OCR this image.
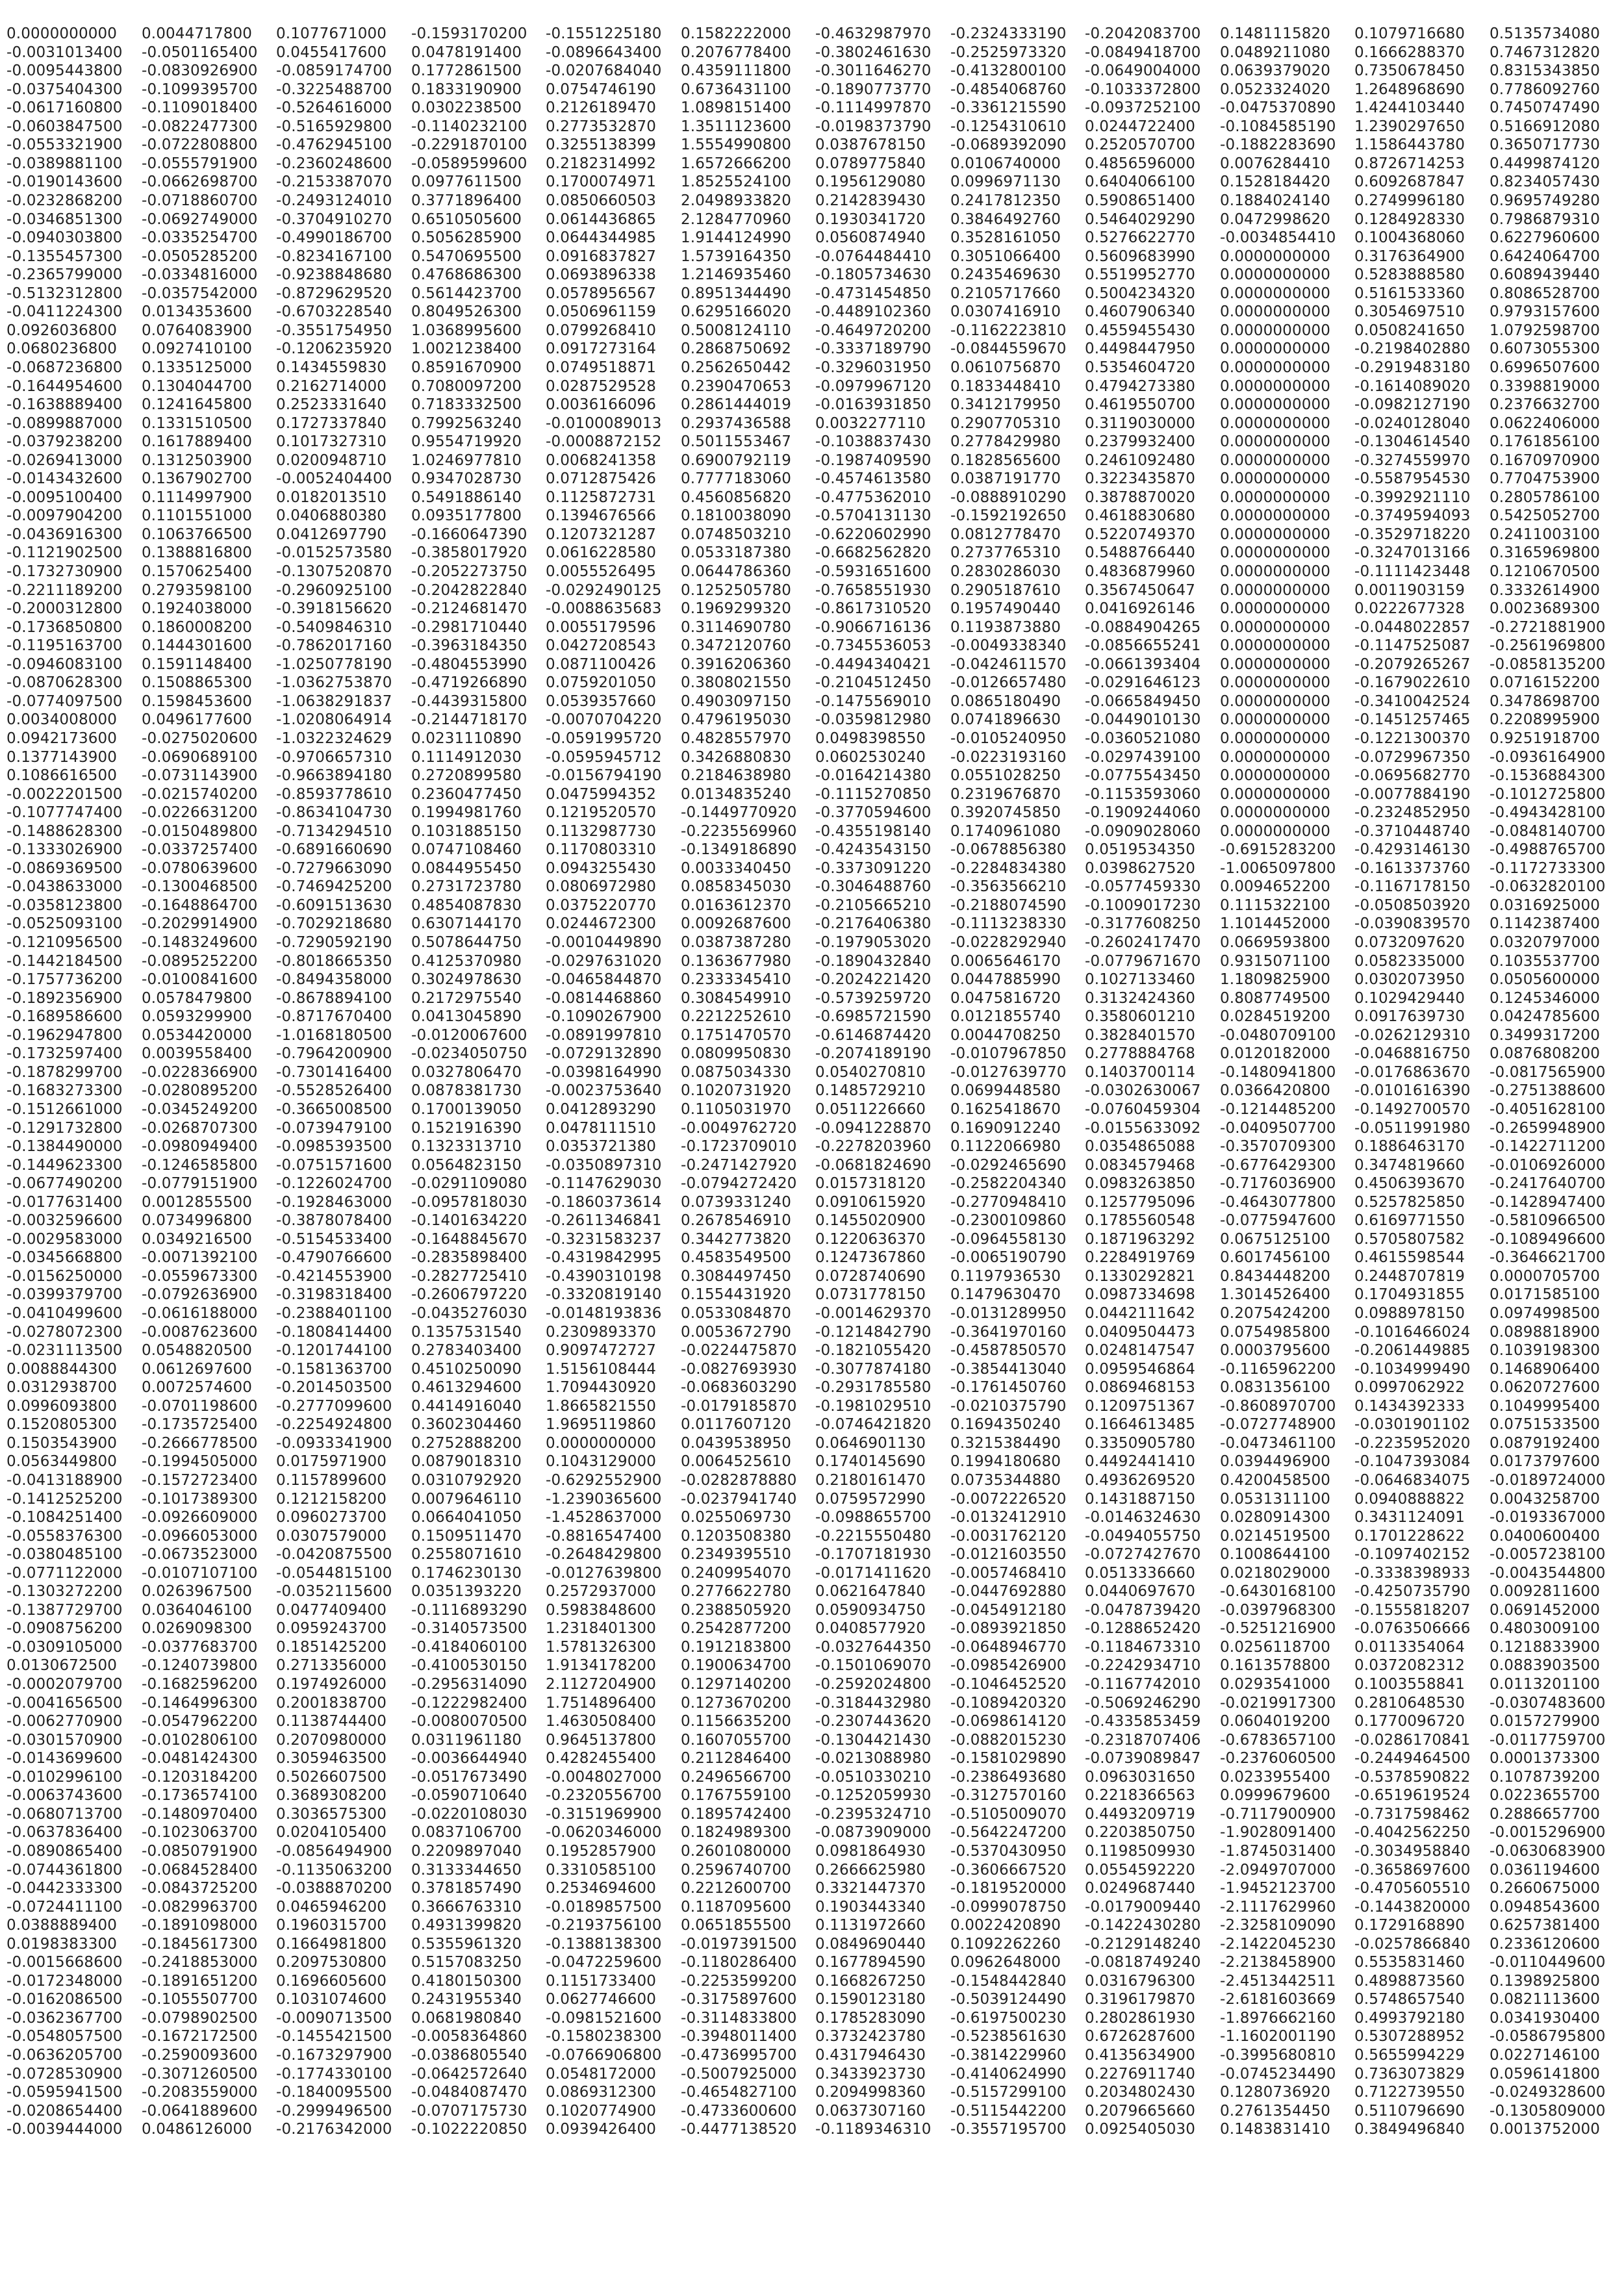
0.0000000000 0.0044717800 0.1077671000 -0.1593170200 -0.1551225180 0.1582222000 -0.4632987970 -0.2324333190 -0.2042083700 0.1481115820 0.1079716680 0.5135734080
-0.0031013400 -0.0501165400 0.0455417600 0.0478191400 -0.0896643400 0.2076778400 -0.3802461630 -0.2525973320 -0.0849418700 0.0489211080 0.1666288370 0.7467312820
-0.0095443800 -0.0830926900 -0.0859174700 0.1772861500 -0.0207684040 0.4359111800 -0.3011646270 -0.4132800100 -0.0649004000 0.0639379020 0.7350678450 0.8315343850
-0.0375404300 -0.1099395700 -0.3225488700 0.1833190900 0.0754746190 0.6736431100 -0.1890773770 -0.4854068760 -0.1033372800 0.0523324020 1.2648968690 0.7786092760
-0.0617160800 -0.1109018400 -0.5264616000 0.0302238500 0.2126189470 1.0898151400 -0.1114997870 -0.3361215590 -0.0937252100 -0.0475370890 1.4244103440 0.7450747490
-0.0603847500 -0.0822477300 -0.5165929800 -0.1140232100 0.2773532870 1.3511123600 -0.0198373790 -0.1254310610 0.0244722400 -0.1084585190 1.2390297650 0.5166912080
-0.0553321900 -0.0722808800 -0.4762945100 -0.2291870100 0.3255138399 1.5554990800 0.0387678150 -0.0689392090 0.2520570700 -0.1882283690 1.1586443780 0.3650717730
-0.0389881100 -0.0555791900 -0.2360248600 -0.0589599600 0.2182314992 1.6572666200 0.0789775840 0.0106740000 0.4856596000 0.0076284410 0.8726714253 0.4499874120
-0.0190143600 -0.0662698700 -0.2153387070 0.0977611500 0.1700074971 1.8525524100 0.1956129080 0.0996971130 0.6404066100 0.1528184420 0.6092687847 0.8234057430
-0.0232868200 -0.0718860700 -0.2493124010 0.3771896400 0.0850660503 2.0498933820 0.2142839430 0.2417812350 0.5908651400 0.1884024140 0.2749996180 0.9695749280
-0.0346851300 -0.0692749000 -0.3704910270 0.6510505600 0.0614436865 2.1284770960 0.1930341720 0.3846492760 0.5464029290 0.0472998620 0.1284928330 0.7986879310
-0.0940303800 -0.0335254700 -0.4990186700 0.5056285900 0.0644344985 1.9144124990 0.0560874940 0.3528161050 0.5276622770 -0.0034854410 0.1004368060 0.6227960600
-0.1355457300 -0.0505285200 -0.8234167100 0.5470695500 0.0916837827 1.5739164350 -0.0764484410 0.3051066400 0.5609683990 0.0000000000 0.3176364900 0.6424064700
-0.2365799000 -0.0334816000 -0.9238848680 0.4768686300 0.0693896338 1.2146935460 -0.1805734630 0.2435469630 0.5519952770 0.0000000000 0.5283888580 0.6089439440
-0.5132312800 -0.0357542000 -0.8729629520 0.5614423700 0.0578956567 0.8951344490 -0.4731454850 0.2105717660 0.5004234320 0.0000000000 0.5161533360 0.8086528700
-0.0411224300 0.0134353600 -0.6703228540 0.8049526300 0.0506961159 0.6295166020 -0.4489102360 0.0307416910 0.4607906340 0.0000000000 0.3054697510 0.9793157600
0.0926036800 0.0764083900 -0.3551754950 1.0368995600 0.0799268410 0.5008124110 -0.4649720200 -0.1162223810 0.4559455430 0.0000000000 0.0508241650 1.0792598700
0.0680236800 0.0927410100 -0.1206235920 1.0021238400 0.0917273164 0.2868750692 -0.3337189790 -0.0844559670 0.4498447950 0.0000000000 -0.2198402880 0.6073055300
-0.0687236800 0.1335125000 0.1434559830 0.8591670900 0.0749518871 0.2562650442 -0.3296031950 0.0610756870 0.5354604720 0.0000000000 -0.2919483180 0.6996507600
-0.1644954600 0.1304044700 0.2162714000 0.7080097200 0.0287529528 0.2390470653 -0.0979967120 0.1833448410 0.4794273380 0.0000000000 -0.1614089020 0.3398819000
-0.1638889400 0.1241645800 0.2523331640 0.7183332500 0.0036166096 0.2861444019 -0.0163931850 0.3412179950 0.4619550700 0.0000000000 -0.0982127190 0.2376632700
-0.0899887000 0.1331510500 0.1727337840 0.7992563240 -0.0100089013 0.2937436588 0.0032277110 0.2907705310 0.3119030000 0.0000000000 -0.0240128040 0.0622406000
-0.0379238200 0.1617889400 0.1017327310 0.9554719920 -0.0008872152 0.5011553467 -0.1038837430 0.2778429980 0.2379932400 0.0000000000 -0.1304614540 0.1761856100
-0.0269413000 0.1312503900 0.0200948710 1.0246977810 0.0068241358 0.6900792119 -0.1987409590 0.1828565600 0.2461092480 0.0000000000 -0.3274559970 0.1670970900
-0.0143432600 0.1367902700 -0.0052404400 0.9347028730 0.0712875426 0.7777183060 -0.4574613580 0.0387191770 0.3223435870 0.0000000000 -0.5587954530 0.7704753900
-0.0095100400 0.1114997900 0.0182013510 0.5491886140 0.1125872731 0.4560856820 -0.4775362010 -0.0888910290 0.3878870020 0.0000000000 -0.3992921110 0.2805786100
-0.0097904200 0.1101551000 0.0406880380 0.0935177800 0.1394676566 0.1810038090 -0.5704131130 -0.1592192650 0.4618830680 0.0000000000 -0.3749594093 0.5425052700
-0.0436916300 0.1063766500 0.0412697790 -0.1660647390 0.1207321287 0.0748503210 -0.6220602990 0.0812778470 0.5220749370 0.0000000000 -0.3529718220 0.2411003100
-0.1121902500 0.1388816800 -0.0152573580 -0.3858017920 0.0616228580 0.0533187380 -0.6682562820 0.2737765310 0.5488766440 0.0000000000 -0.3247013166 0.3165969800
-0.1732730900 0.1570625400 -0.1307520870 -0.2052273750 0.0055526495 0.0644786360 -0.5931651600 0.2830286030 0.4836879960 0.0000000000 -0.1111423448 0.1210670500
-0.2211189200 0.2793598100 -0.2960925100 -0.2042822840 -0.0292490125 0.1252505780 -0.7658551930 0.2905187610 0.3567450647 0.0000000000 0.0011903159 0.3332614900
-0.2000312800 0.1924038000 -0.3918156620 -0.2124681470 -0.0088635683 0.1969299320 -0.8617310520 0.1957490440 0.0416926146 0.0000000000 0.0222677328 0.0023689300
-0.1736850800 0.1860008200 -0.5409846310 -0.2981710440 0.0055179596 0.3114690780 -0.9066716136 0.1193873880 -0.0884904265 0.0000000000 -0.0448022857 -0.2721881900
-0.1195163700 0.1444301600 -0.7862017160 -0.3963184350 0.0427208543 0.3472120760 -0.7345536053 -0.0049338340 -0.0856655241 0.0000000000 -0.1147525087 -0.2561969800
-0.0946083100 0.1591148400 -1.0250778190 -0.4804553990 0.0871100426 0.3916206360 -0.4494340421 -0.0424611570 -0.0661393404 0.0000000000 -0.2079265267 -0.0858135200
-0.0870628300 0.1508865300 -1.0362753870 -0.4719266890 0.0759201050 0.3808021550 -0.2104512450 -0.0126657480 -0.0291646123 0.0000000000 -0.1679022610 0.0716152200
-0.0774097500 0.1598453600 -1.0638291837 -0.4439315800 0.0539357660 0.4903097150 -0.1475569010 0.0865180490 -0.0665849450 0.0000000000 -0.3410042524 0.3478698700
0.0034008000 0.0496177600 -1.0208064914 -0.2144718170 -0.0070704220 0.4796195030 -0.0359812980 0.0741896630 -0.0449010130 0.0000000000 -0.1451257465 0.2208995900
0.0942173600 -0.0275020600 -1.0322324629 0.0231110890 -0.0591995720 0.4828557970 0.0498398550 -0.0105240950 -0.0360521080 0.0000000000 -0.1221300370 0.9251918700
0.1377143900 -0.0690689100 -0.9706657310 0.1114912030 -0.0595945712 0.3426880830 0.0602530240 -0.0223193160 -0.0297439100 0.0000000000 -0.0729967350 -0.0936164900
0.1086616500 -0.0731143900 -0.9663894180 0.2720899580 -0.0156794190 0.2184638980 -0.0164214380 0.0551028250 -0.0775543450 0.0000000000 -0.0695682770 -0.1536884300
-0.0022201500 -0.0215740200 -0.8593778610 0.2360477450 0.0475994352 0.0134835240 -0.1115270850 0.2319676870 -0.1153593060 0.0000000000 -0.0077884190 -0.1012725800
-0.1077747400 -0.0226631200 -0.8634104730 0.1994981760 0.1219520570 -0.1449770920 -0.3770594600 0.3920745850 -0.1909244060 0.0000000000 -0.2324852950 -0.4943428100
-0.1488628300 -0.0150489800 -0.7134294510 0.1031885150 0.1132987730 -0.2235569960 -0.4355198140 0.1740961080 -0.0909028060 0.0000000000 -0.3710448740 -0.0848140700
-0.1333026900 -0.0337257400 -0.6891660690 0.0747108460 0.1170803310 -0.1349186890 -0.4243543150 -0.0678856380 0.0519534350 -0.6915283200 -0.4293146130 -0.4988765700
-0.0869369500 -0.0780639600 -0.7279663090 0.0844955450 0.0943255430 0.0033340450 -0.3373091220 -0.2284834380 0.0398627520 -1.0065097800 -0.1613373760 -0.1172733300
-0.0438633000 -0.1300468500 -0.7469425200 0.2731723780 0.0806972980 0.0858345030 -0.3046488760 -0.3563566210 -0.0577459330 0.0094652200 -0.1167178150 -0.0632820100
-0.0358123800 -0.1648864700 -0.6091513630 0.4854087830 0.0375220770 0.0163612370 -0.2105665210 -0.2188074590 -0.1009017230 0.1115322100 -0.0508503920 0.0316925000
-0.0525093100 -0.2029914900 -0.7029218680 0.6307144170 0.0244672300 0.0092687600 -0.2176406380 -0.1113238330 -0.3177608250 1.1014452000 -0.0390839570 0.1142387400
-0.1210956500 -0.1483249600 -0.7290592190 0.5078644750 -0.0010449890 0.0387387280 -0.1979053020 -0.0228292940 -0.2602417470 0.0669593800 0.0732097620 0.0320797000
-0.1442184500 -0.0895252200 -0.8018665350 0.4125370980 -0.0297631020 0.1363677980 -0.1890432840 0.0065646170 -0.0779671670 0.9315071100 0.0582335000 0.1035537700
-0.1757736200 -0.0100841600 -0.8494358000 0.3024978630 -0.0465844870 0.2333345410 -0.2024221420 0.0447885990 0.1027133460 1.1809825900 0.0302073950 0.0505600000
-0.1892356900 0.0578479800 -0.8678894100 0.2172975540 -0.0814468860 0.3084549910 -0.5739259720 0.0475816720 0.3132424360 0.8087749500 0.1029429440 0.1245346000
-0.1689586600 0.0593299900 -0.8717670400 0.0413045890 -0.1090267900 0.2212252610 -0.6985721590 0.0121855740 0.3580601210 0.0284519200 0.0917639730 0.0424785600
-0.1962947800 0.0534420000 -1.0168180500 -0.0120067600 -0.0891997810 0.1751470570 -0.6146874420 0.0044708250 0.3828401570 -0.0480709100 -0.0262129310 0.3499317200
-0.1732597400 0.0039558400 -0.7964200900 -0.0234050750 -0.0729132890 0.0809950830 -0.2074189190 -0.0107967850 0.2778884768 0.0120182000 -0.0468816750 0.0876808200
-0.1878299700 -0.0228366900 -0.7301416400 0.0327806470 -0.0398164990 0.0875034330 0.0540270810 -0.0127639770 0.1403700114 -0.1480941800 -0.0176863670 -0.0817565900
-0.1683273300 -0.0280895200 -0.5528526400 0.0878381730 -0.0023753640 0.1020731920 0.1485729210 0.0699448580 -0.0302630067 0.0366420800 -0.0101616390 -0.2751388600
-0.1512661000 -0.0345249200 -0.3665008500 0.1700139050 0.0412893290 0.1105031970 0.0511226660 0.1625418670 -0.0760459304 -0.1214485200 -0.1492700570 -0.4051628100
-0.1291732800 -0.0268707300 -0.0739479100 0.1521916390 0.0478111510 -0.0049762720 -0.0941228870 0.1690912240 -0.0155633092 -0.0409507700 -0.0511991980 -0.2659948900
-0.1384490000 -0.0980949400 -0.0985393500 0.1323313710 0.0353721380 -0.1723709010 -0.2278203960 0.1122066980 0.0354865088 -0.3570709300 0.1886463170 -0.1422711200
-0.1449623300 -0.1246585800 -0.0751571600 0.0564823150 -0.0350897310 -0.2471427920 -0.0681824690 -0.0292465690 0.0834579468 -0.6776429300 0.3474819660 -0.0106926000
-0.0677490200 -0.0779151900 -0.1226024700 -0.0291109080 -0.1147629030 -0.0794272420 0.0157318120 -0.2582204340 0.0983263850 -0.7176036900 0.4506393670 -0.2417640700
-0.0177631400 0.0012855500 -0.1928463000 -0.0957818030 -0.1860373614 0.0739331240 0.0910615920 -0.2770948410 0.1257795096 -0.4643077800 0.5257825850 -0.1428947400
-0.0032596600 0.0734996800 -0.3878078400 -0.1401634220 -0.2611346841 0.2678546910 0.1455020900 -0.2300109860 0.1785560548 -0.0775947600 0.6169771550 -0.5810966500
-0.0029583000 0.0349216500 -0.5154533400 -0.1648845670 -0.3231583237 0.3442773820 0.1220636370 -0.0964558130 0.1871963292 0.0675125100 0.5705807582 -0.1089496600
-0.0345668800 -0.0071392100 -0.4790766600 -0.2835898400 -0.4319842995 0.4583549500 0.1247367860 -0.0065190790 0.2284919769 0.6017456100 0.4615598544 -0.3646621700
-0.0156250000 -0.0559673300 -0.4214553900 -0.2827725410 -0.4390310198 0.3084497450 0.0728740690 0.1197936530 0.1330292821 0.8434448200 0.2448707819 0.0000705700
-0.0399379700 -0.0792636900 -0.3198318400 -0.2606797220 -0.3320819140 0.1554431920 0.0731778150 0.1479630470 0.0987334698 1.3014526400 0.1704931855 0.0171585100
-0.0410499600 -0.0616188000 -0.2388401100 -0.0435276030 -0.0148193836 0.0533084870 -0.0014629370 -0.0131289950 0.0442111642 0.2075424200 0.0988978150 0.0974998500
-0.0278072300 -0.0087623600 -0.1808414400 0.1357531540 0.2309893370 0.0053672790 -0.1214842790 -0.3641970160 0.0409504473 0.0754985800 -0.1016466024 0.0898818900
-0.0231113500 0.0548820500 -0.1201744100 0.2783403400 0.9097472727 -0.0224475870 -0.1821055420 -0.4587850570 0.0248147547 0.0003795600 -0.2061449885 0.1039198300
0.0088844300 0.0612697600 -0.1581363700 0.4510250090 1.5156108444 -0.0827693930 -0.3077874180 -0.3854413040 0.0959546864 -0.1165962200 -0.1034999490 0.1468906400
0.0312938700 0.0072574600 -0.2014503500 0.4613294600 1.7094430920 -0.0683603290 -0.2931785580 -0.1761450760 0.0869468153 0.0831356100 0.0997062922 0.0620727600
0.0996093800 -0.0701198600 -0.2777099600 0.4414916040 1.8665821550 -0.0179185870 -0.1981029510 -0.0210375790 0.1209751367 -0.8608970700 0.1434392333 0.1049995400
0.1520805300 -0.1735725400 -0.2254924800 0.3602304460 1.9695119860 0.0117607120 -0.0746421820 0.1694350240 0.1664613485 -0.0727748900 -0.0301901102 0.0751533500
0.1503543900 -0.2666778500 -0.0933341900 0.2752888200 0.0000000000 0.0439538950 0.0646901130 0.3215384490 0.3350905780 -0.0473461100 -0.2235952020 0.0879192400
0.0563449800 -0.1994505000 0.0175971900 0.0879018310 0.1043129000 0.0064525610 0.1740145690 0.1994180680 0.4492441410 0.0394496900 -0.1047393084 0.0173797600
-0.0413188900 -0.1572723400 0.1157899600 0.0310792920 -0.6292552900 -0.0282878880 0.2180161470 0.0735344880 0.4936269520 0.4200458500 -0.0646834075 -0.0189724000
-0.1412525200 -0.1017389300 0.1212158200 0.0079646110 -1.2390365600 -0.0237941740 0.0759572990 -0.0072226520 0.1431887150 0.0531311100 0.0940888822 0.0043258700
-0.1084251400 -0.0926609000 0.0960273700 0.0664041050 -1.4528637000 0.0255069730 -0.0988655700 -0.0132412910 -0.0146324630 0.0280914300 0.3431124091 -0.0193367000
-0.0558376300 -0.0966053000 0.0307579000 0.1509511470 -0.8816547400 0.1203508380 -0.2215550480 -0.0031762120 -0.0494055750 0.0214519500 0.1701228622 0.0400600400
-0.0380485100 -0.0673523000 -0.0420875500 0.2558071610 -0.2648429800 0.2349395510 -0.1707181930 -0.0121603550 -0.0727427670 0.1008644100 -0.1097402152 -0.0057238100
-0.0771122000 -0.0107107100 -0.0544815100 0.1746230130 -0.0127639800 0.2409954070 -0.0171411620 -0.0057468410 0.0513336660 0.0218029000 -0.3338398933 -0.0043544800
-0.1303272200 0.0263967500 -0.0352115600 0.0351393220 0.2572937000 0.2776622780 0.0621647840 -0.0447692880 0.0440697670 -0.6430168100 -0.4250735790 0.0092811600
-0.1387729700 0.0364046100 0.0477409400 -0.1116893290 0.5983848600 0.2388505920 0.0590934750 -0.0454912180 -0.0478739420 -0.0397968300 -0.1555818207 0.0691452000
-0.0908756200 0.0269098300 0.0959243700 -0.3140573500 1.2318401300 0.2542877200 0.0408577920 -0.0893921850 -0.1288652420 -0.5251216900 -0.0763506666 0.4803009100
-0.0309105000 -0.0377683700 0.1851425200 -0.4184060100 1.5781326300 0.1912183800 -0.0327644350 -0.0648946770 -0.1184673310 0.0256118700 0.0113354064 0.1218833900
0.0130672500 -0.1240739800 0.2713356000 -0.4100530150 1.9134178200 0.1900634700 -0.1501069070 -0.0985426900 -0.2242934710 0.1613578800 0.0372082312 0.0883903500
-0.0002079700 -0.1682596200 0.1974926000 -0.2956314090 2.1127204900 0.1297140200 -0.2592024800 -0.1046452520 -0.1167742010 0.0293541000 0.1003558841 0.0113201100
-0.0041656500 -0.1464996300 0.2001838700 -0.1222982400 1.7514896400 0.1273670200 -0.3184432980 -0.1089420320 -0.5069246290 -0.0219917300 0.2810648530 -0.0307483600
-0.0062770900 -0.0547962200 0.1138744400 -0.0080070500 1.4630508400 0.1156635200 -0.2307443620 -0.0698614120 -0.4335853459 0.0604019200 0.1770096720 0.0157279900
-0.0301570900 -0.0102806100 0.2070980000 0.0311961180 0.9645137800 0.1607055700 -0.1304421430 -0.0882015230 -0.2318707406 -0.6783657100 -0.0286170841 -0.0117759700
-0.0143699600 -0.0481424300 0.3059463500 -0.0036644940 0.4282455400 0.2112846400 -0.0213088980 -0.1581029890 -0.0739089847 -0.2376060500 -0.2449464500 0.0001373300
-0.0102996100 -0.1203184200 0.5026607500 -0.0517673490 -0.0048027000 0.2496566700 -0.0510330210 -0.2386493680 0.0963031650 0.0233955400 -0.5378590822 0.1078739200
-0.0063743600 -0.1736574100 0.3689308200 -0.0590710640 -0.2320556700 0.1767559100 -0.1252059930 -0.3127570160 0.2218366563 0.0999679600 -0.6519619524 0.0223655700
-0.0680713700 -0.1480970400 0.3036575300 -0.0220108030 -0.3151969900 0.1895742400 -0.2395324710 -0.5105009070 0.4493209719 -0.7117900900 -0.7317598462 0.2886657700
-0.0637836400 -0.1023063700 0.0204105400 0.0837106700 -0.0620346000 0.1824989300 -0.0873909000 -0.5642247200 0.2203850750 -1.9028091400 -0.4042562250 -0.0015296900
-0.0890865400 -0.0850791900 -0.0856494900 0.2209897040 0.1952857900 0.2601080000 0.0981864930 -0.5370430950 0.1198509930 -1.8745031400 -0.3034958840 -0.0630683900
-0.0744361800 -0.0684528400 -0.1135063200 0.3133344650 0.3310585100 0.2596740700 0.2666625980 -0.3606667520 0.0554592220 -2.0949707000 -0.3658697600 0.0361194600
-0.0442333300 -0.0843725200 -0.0388870200 0.3781857490 0.2534694600 0.2212600700 0.3321447370 -0.1819520000 0.0249687440 -1.9452123700 -0.4705605510 0.2660675000
-0.0724411100 -0.0829963700 0.0465946200 0.3666763310 -0.0189857500 0.1187095600 0.1903443340 -0.0999078750 -0.0179009440 -2.1117629960 -0.1443820000 0.0948543600
0.0388889400 -0.1891098000 0.1960315700 0.4931399820 -0.2193756100 0.0651855500 0.1131972660 0.0022420890 -0.1422430280 -2.3258109090 0.1729168890 0.6257381400
0.0198383300 -0.1845617300 0.1664981800 0.5355961320 -0.1388138300 -0.0197391500 0.0849690440 0.1092262260 -0.2129148240 -2.1422045230 -0.0257866840 0.2336120600
-0.0015668600 -0.2418853000 0.2097530800 0.5157083250 -0.0472259600 -0.1180286400 0.1677894590 0.0962648000 -0.0818749240 -2.2138458900 0.5535831460 -0.0110449600
-0.0172348000 -0.1891651200 0.1696605600 0.4180150300 0.1151733400 -0.2253599200 0.1668267250 -0.1548442840 0.0316796300 -2.4513442511 0.4898873560 0.1398925800
-0.0162086500 -0.1055507700 0.1031074600 0.2431955340 0.0627746600 -0.3175897600 0.1590123180 -0.5039124490 0.3196179870 -2.6181603669 0.5748657540 0.0821113600
-0.0362367700 -0.0798902500 -0.0090713500 0.0681980840 -0.0981521600 -0.3114833800 0.1785283090 -0.6197500230 0.2802861930 -1.8976662160 0.4993792180 0.0341930400
-0.0548057500 -0.1672172500 -0.1455421500 -0.0058364860 -0.1580238300 -0.3948011400 0.3732423780 -0.5238561630 0.6726287600 -1.1602001190 0.5307288952 -0.0586795800
-0.0636205700 -0.2590093600 -0.1673297900 -0.0386805540 -0.0766906800 -0.4736995700 0.4317946430 -0.3814229960 0.4135634900 -0.3995680810 0.5655994229 0.0227146100
-0.0728530900 -0.3071260500 -0.1774330100 -0.0642572640 0.0548172000 -0.5007925000 0.3433923730 -0.4140624990 0.2276911740 -0.0745234490 0.7363073829 0.0596141800
-0.0595941500 -0.2083559000 -0.1840095500 -0.0484087470 0.0869312300 -0.4654827100 0.2094998360 -0.5157299100 0.2034802430 0.1280736920 0.7122739550 -0.0249328600
-0.0208654400 -0.0641889600 -0.2999496500 -0.0707175730 0.1020774900 -0.4733600600 0.0637307160 -0.5115442200 0.2079665660 0.2761354450 0.5110796690 -0.1305809000
-0.0039444000 0.0486126000 -0.2176342000 -0.1022220850 0.0939426400 -0.4477138520 -0.1189346310 -0.3557195700 0.0925405030 0.1483831410 0.3849496840 0.0013752000
